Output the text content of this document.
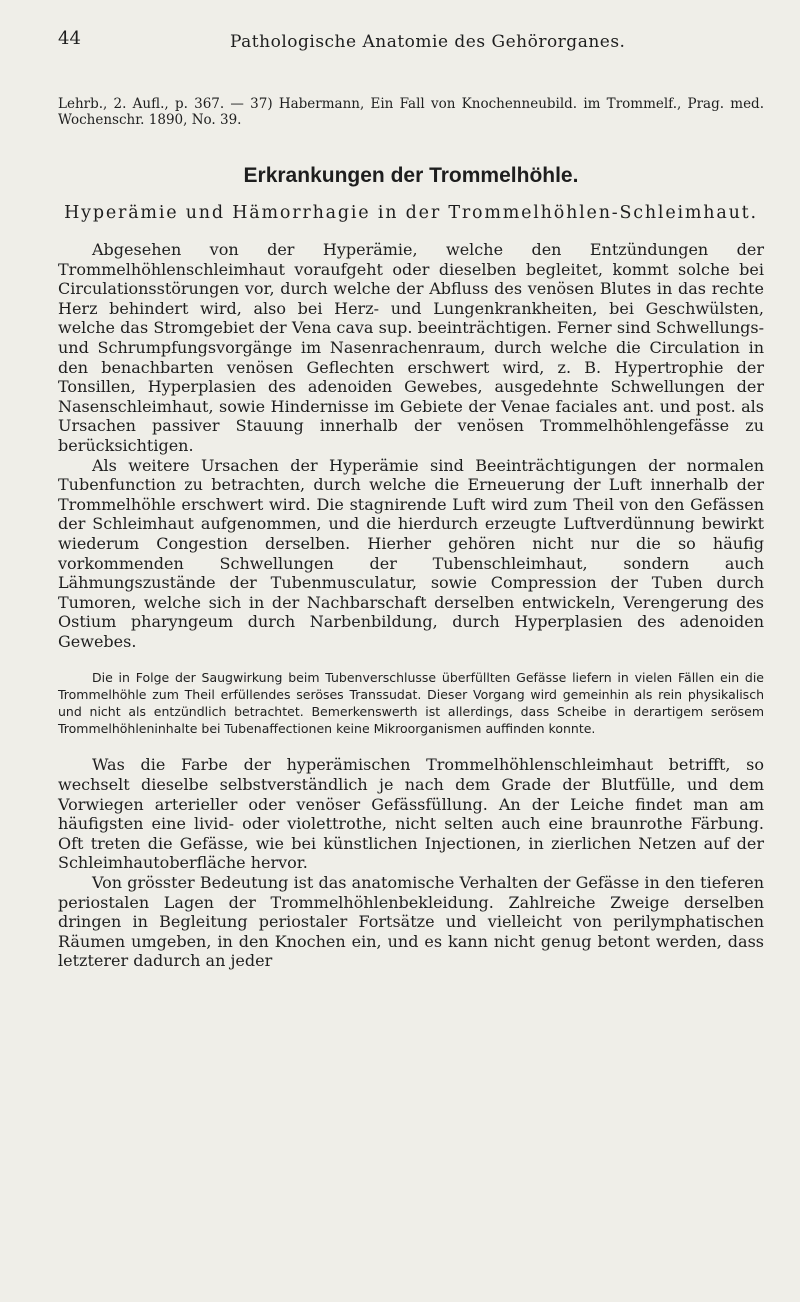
44	Pathologische Anatomie des Gehörorganes.

Lehrb., 2. Aufl., p. 367. — 37) Habermann, Ein Fall von Knochenneubild. im Trommelf., Prag. med. Wochenschr. 1890, No. 39.

Erkrankungen der Trommelhöhle.
Hyperämie und Hämorrhagie in der Trommelhöhlen-Schleimhaut.

Abgesehen von der Hyperämie, welche den Entzündungen der Trommelhöhlenschleimhaut voraufgeht oder dieselben begleitet, kommt solche bei Circulationsstörungen vor, durch welche der Abfluss des venösen Blutes in das rechte Herz behindert wird, also bei Herz- und Lungenkrankheiten, bei Geschwülsten, welche das Stromgebiet der Vena cava sup. beeinträchtigen. Ferner sind Schwellungs- und Schrumpfungsvorgänge im Nasenrachenraum, durch welche die Circulation in den benachbarten venösen Geflechten erschwert wird, z. B. Hypertrophie der Tonsillen, Hyperplasien des adenoiden Gewebes, ausgedehnte Schwellungen der Nasenschleimhaut, sowie Hindernisse im Gebiete der Venae faciales ant. und post. als Ursachen passiver Stauung innerhalb der venösen Trommelhöhlengefässe zu berücksichtigen.

Als weitere Ursachen der Hyperämie sind Beeinträchtigungen der normalen Tubenfunction zu betrachten, durch welche die Erneuerung der Luft innerhalb der Trommelhöhle erschwert wird. Die stagnirende Luft wird zum Theil von den Gefässen der Schleimhaut aufgenommen, und die hierdurch erzeugte Luftverdünnung bewirkt wiederum Congestion derselben. Hierher gehören nicht nur die so häufig vorkommenden Schwellungen der Tubenschleimhaut, sondern auch Lähmungszustände der Tubenmusculatur, sowie Compression der Tuben durch Tumoren, welche sich in der Nachbarschaft derselben entwickeln, Verengerung des Ostium pharyngeum durch Narbenbildung, durch Hyperplasien des adenoiden Gewebes.

Die in Folge der Saugwirkung beim Tubenverschlusse überfüllten Gefässe liefern in vielen Fällen ein die Trommelhöhle zum Theil erfüllendes seröses Transsudat. Dieser Vorgang wird gemeinhin als rein physikalisch und nicht als entzündlich betrachtet. Bemerkenswerth ist allerdings, dass Scheibe in derartigem serösem Trommelhöhleninhalte bei Tubenaffectionen keine Mikroorganismen auffinden konnte.

Was die Farbe der hyperämischen Trommelhöhlenschleimhaut betrifft, so wechselt dieselbe selbstverständlich je nach dem Grade der Blutfülle, und dem Vorwiegen arterieller oder venöser Gefässfüllung. An der Leiche findet man am häufigsten eine livid- oder violettrothe, nicht selten auch eine braunrothe Färbung. Oft treten die Gefässe, wie bei künstlichen Injectionen, in zierlichen Netzen auf der Schleimhautoberfläche hervor.

Von grösster Bedeutung ist das anatomische Verhalten der Gefässe in den tieferen periostalen Lagen der Trommelhöhlenbekleidung. Zahlreiche Zweige derselben dringen in Begleitung periostaler Fortsätze und vielleicht von perilymphatischen Räumen umgeben, in den Knochen ein, und es kann nicht genug betont werden, dass letzterer dadurch an jeder
